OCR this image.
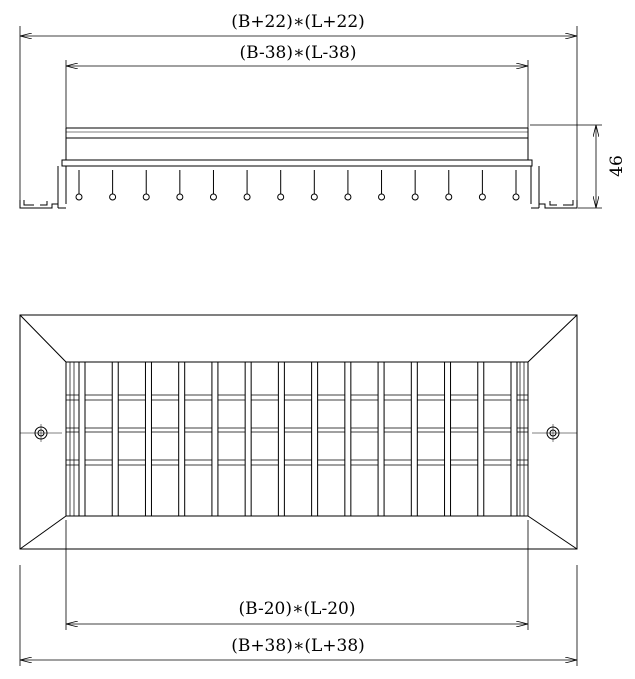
(B+22)∗(L+22)
(B-38)∗(L-38)
46
(B-20)∗(L-20)
(B+38)∗(L+38)
